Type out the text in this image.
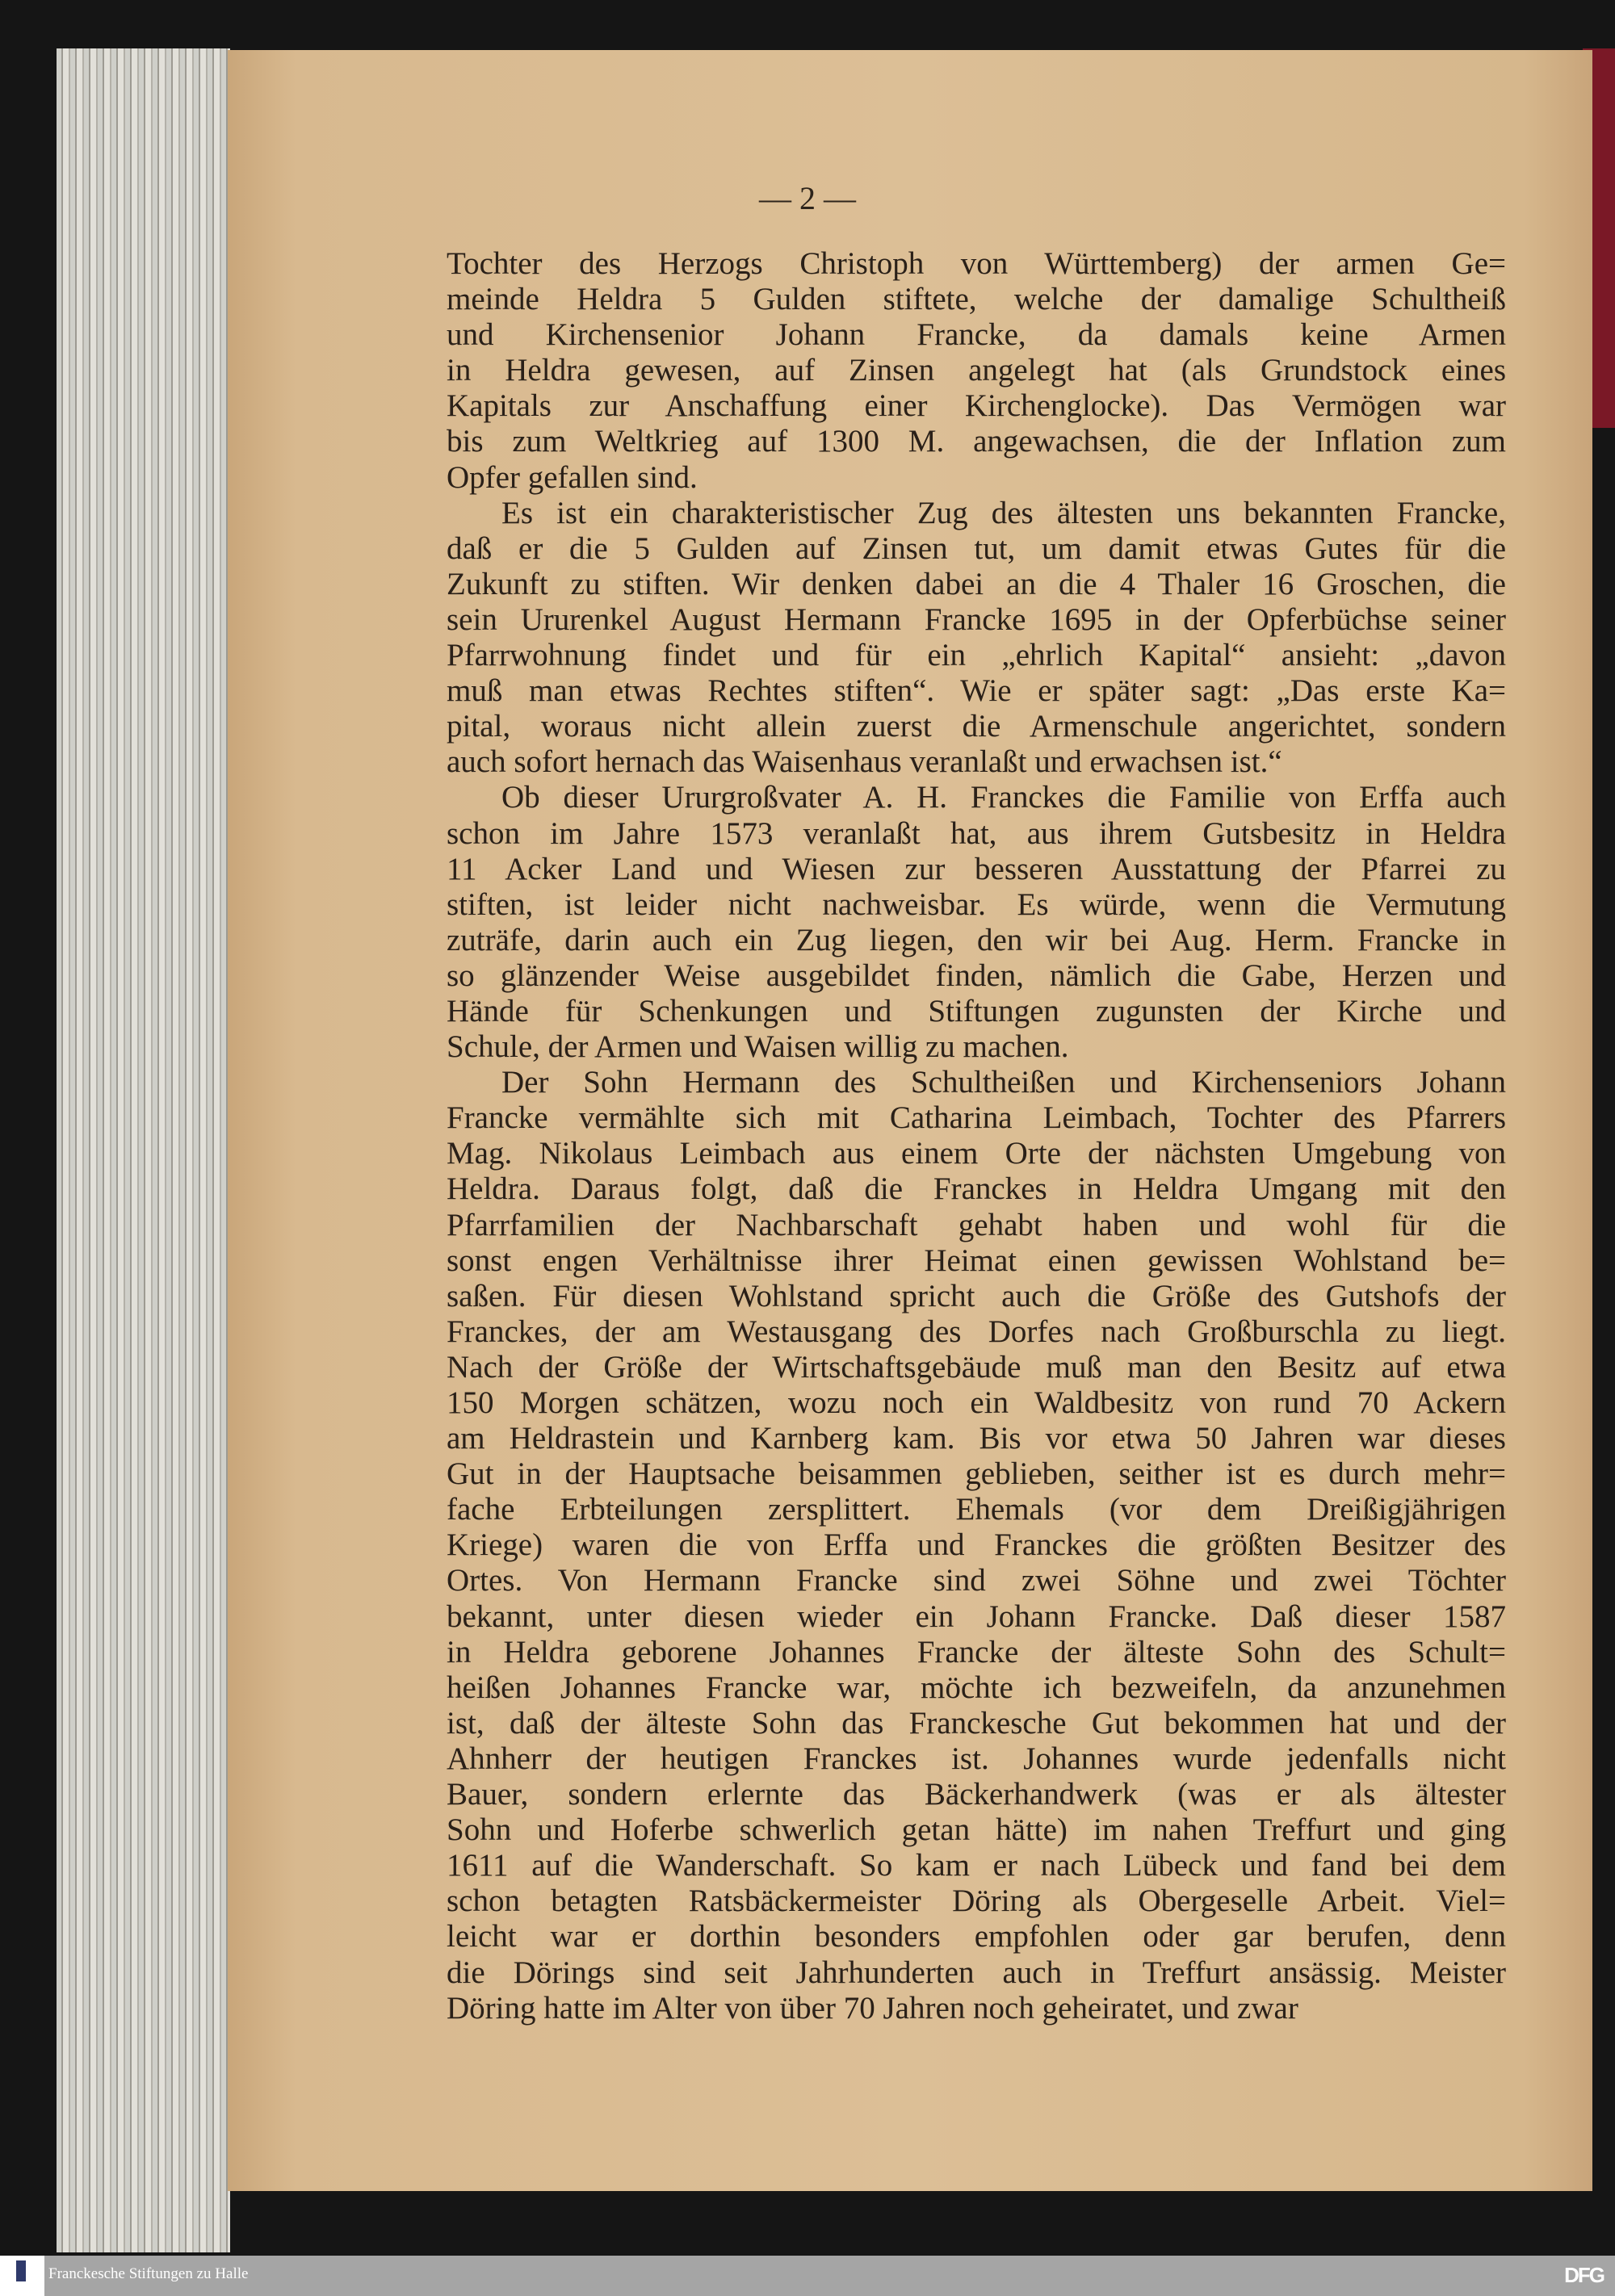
— 2 —
Tochter des Herzogs Christoph von Württemberg) der armen Ge=
meinde Heldra 5 Gulden stiftete, welche der damalige Schultheiß
und Kirchensenior Johann Francke, da damals keine Armen
in Heldra gewesen, auf Zinsen angelegt hat (als Grundstock eines
Kapitals zur Anschaffung einer Kirchenglocke). Das Vermögen war
bis zum Weltkrieg auf 1300 M. angewachsen, die der Inflation zum
Opfer gefallen sind.
Es ist ein charakteristischer Zug des ältesten uns bekannten Francke,
daß er die 5 Gulden auf Zinsen tut, um damit etwas Gutes für die
Zukunft zu stiften. Wir denken dabei an die 4 Thaler 16 Groschen, die
sein Ururenkel August Hermann Francke 1695 in der Opferbüchse seiner
Pfarrwohnung findet und für ein „ehrlich Kapital“ ansieht: „davon
muß man etwas Rechtes stiften“. Wie er später sagt: „Das erste Ka=
pital, woraus nicht allein zuerst die Armenschule angerichtet, sondern
auch sofort hernach das Waisenhaus veranlaßt und erwachsen ist.“
Ob dieser Ururgroßvater A. H. Franckes die Familie von Erffa auch
schon im Jahre 1573 veranlaßt hat, aus ihrem Gutsbesitz in Heldra
11 Acker Land und Wiesen zur besseren Ausstattung der Pfarrei zu
stiften, ist leider nicht nachweisbar. Es würde, wenn die Vermutung
zuträfe, darin auch ein Zug liegen, den wir bei Aug. Herm. Francke in
so glänzender Weise ausgebildet finden, nämlich die Gabe, Herzen und
Hände für Schenkungen und Stiftungen zugunsten der Kirche und
Schule, der Armen und Waisen willig zu machen.
Der Sohn Hermann des Schultheißen und Kirchenseniors Johann
Francke vermählte sich mit Catharina Leimbach, Tochter des Pfarrers
Mag. Nikolaus Leimbach aus einem Orte der nächsten Umgebung von
Heldra. Daraus folgt, daß die Franckes in Heldra Umgang mit den
Pfarrfamilien der Nachbarschaft gehabt haben und wohl für die
sonst engen Verhältnisse ihrer Heimat einen gewissen Wohlstand be=
saßen. Für diesen Wohlstand spricht auch die Größe des Gutshofs der
Franckes, der am Westausgang des Dorfes nach Großburschla zu liegt.
Nach der Größe der Wirtschaftsgebäude muß man den Besitz auf etwa
150 Morgen schätzen, wozu noch ein Waldbesitz von rund 70 Ackern
am Heldrastein und Karnberg kam. Bis vor etwa 50 Jahren war dieses
Gut in der Hauptsache beisammen geblieben, seither ist es durch mehr=
fache Erbteilungen zersplittert. Ehemals (vor dem Dreißigjährigen
Kriege) waren die von Erffa und Franckes die größten Besitzer des
Ortes. Von Hermann Francke sind zwei Söhne und zwei Töchter
bekannt, unter diesen wieder ein Johann Francke. Daß dieser 1587
in Heldra geborene Johannes Francke der älteste Sohn des Schult=
heißen Johannes Francke war, möchte ich bezweifeln, da anzunehmen
ist, daß der älteste Sohn das Franckesche Gut bekommen hat und der
Ahnherr der heutigen Franckes ist. Johannes wurde jedenfalls nicht
Bauer, sondern erlernte das Bäckerhandwerk (was er als ältester
Sohn und Hoferbe schwerlich getan hätte) im nahen Treffurt und ging
1611 auf die Wanderschaft. So kam er nach Lübeck und fand bei dem
schon betagten Ratsbäckermeister Döring als Obergeselle Arbeit. Viel=
leicht war er dorthin besonders empfohlen oder gar berufen, denn
die Dörings sind seit Jahrhunderten auch in Treffurt ansässig. Meister
Döring hatte im Alter von über 70 Jahren noch geheiratet, und zwar
Franckesche Stiftungen zu Halle	DFG
